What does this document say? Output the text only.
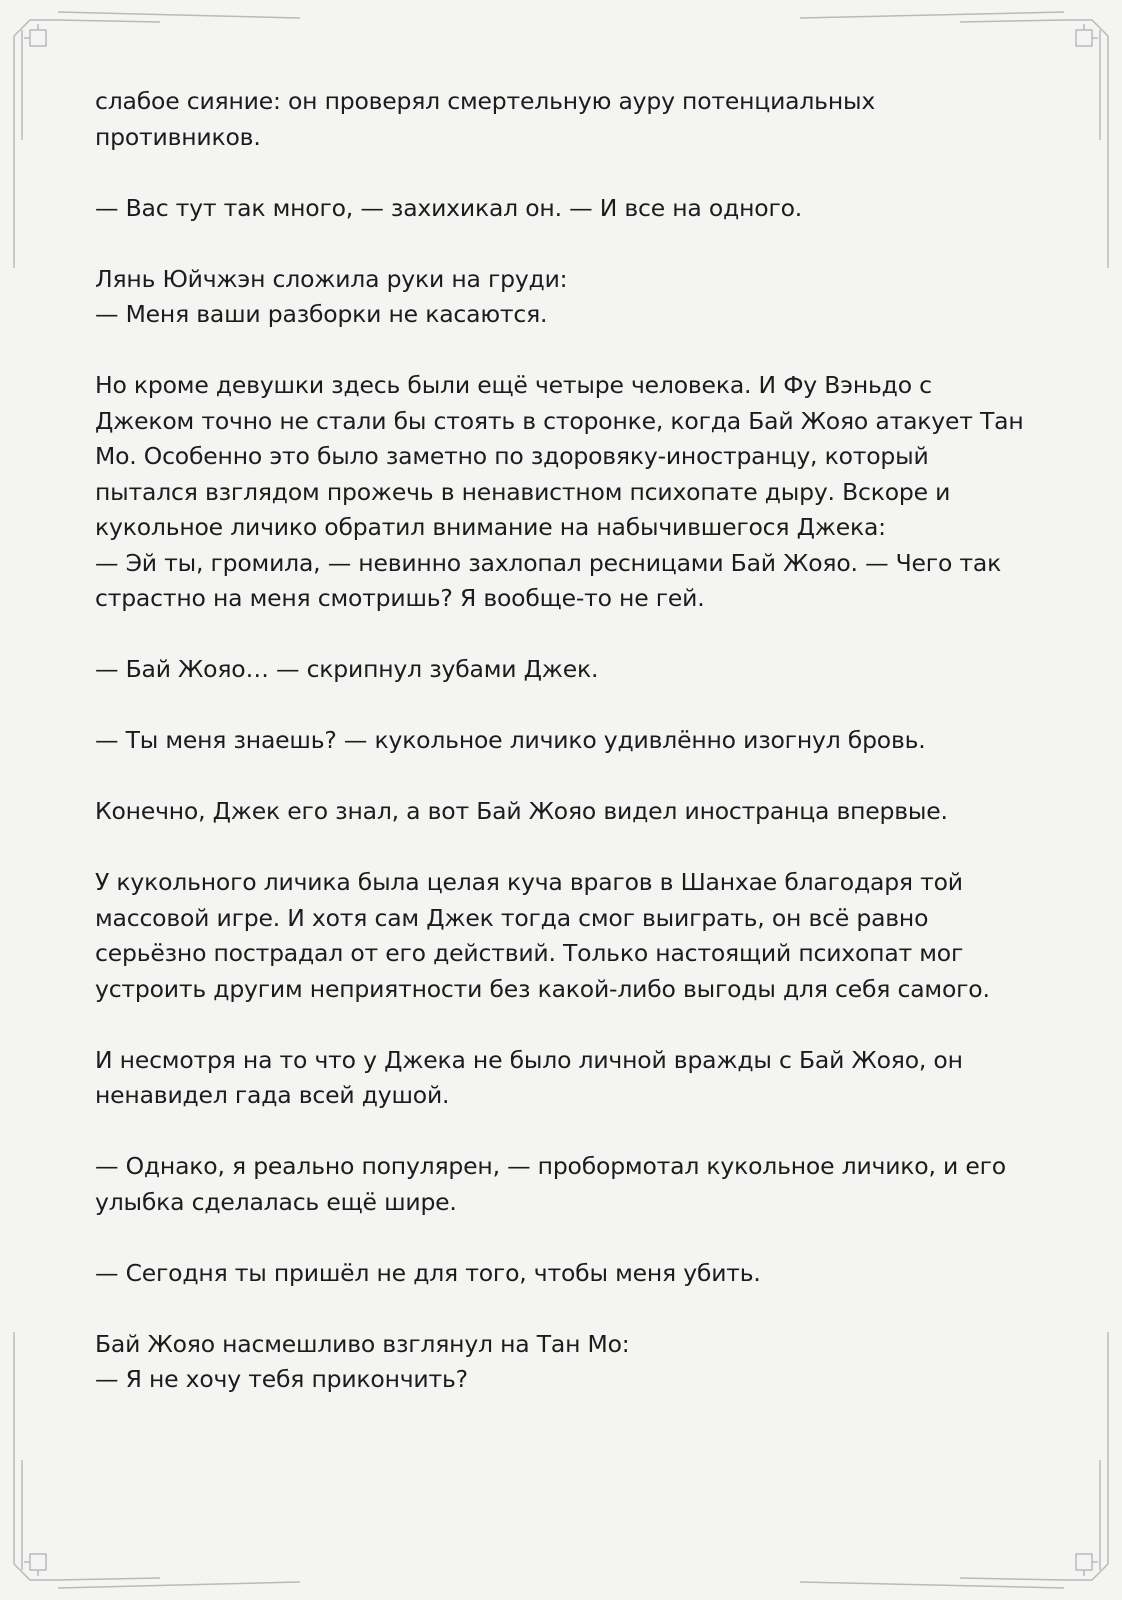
слабое сияние: он проверял смертельную ауру потенциальных
противников.

— Вас тут так много, — захихикал он. — И все на одного.

Лянь Юйчжэн сложила руки на груди:
— Меня ваши разборки не касаются.

Но кроме девушки здесь были ещё четыре человека. И Фу Вэньдо с
Джеком точно не стали бы стоять в сторонке, когда Бай Жояо атакует Тан
Мо. Особенно это было заметно по здоровяку-иностранцу, который
пытался взглядом прожечь в ненавистном психопате дыру. Вскоре и
кукольное личико обратил внимание на набычившегося Джека:
— Эй ты, громила, — невинно захлопал ресницами Бай Жояо. — Чего так
страстно на меня смотришь? Я вообще-то не гей.

— Бай Жояо… — скрипнул зубами Джек.

— Ты меня знаешь? — кукольное личико удивлённо изогнул бровь.

Конечно, Джек его знал, а вот Бай Жояо видел иностранца впервые.

У кукольного личика была целая куча врагов в Шанхае благодаря той
массовой игре. И хотя сам Джек тогда смог выиграть, он всё равно
серьёзно пострадал от его действий. Только настоящий психопат мог
устроить другим неприятности без какой-либо выгоды для себя самого.

И несмотря на то что у Джека не было личной вражды с Бай Жояо, он
ненавидел гада всей душой.

— Однако, я реально популярен, — пробормотал кукольное личико, и его
улыбка сделалась ещё шире.

— Сегодня ты пришёл не для того, чтобы меня убить.

Бай Жояо насмешливо взглянул на Тан Мо:
— Я не хочу тебя прикончить?
